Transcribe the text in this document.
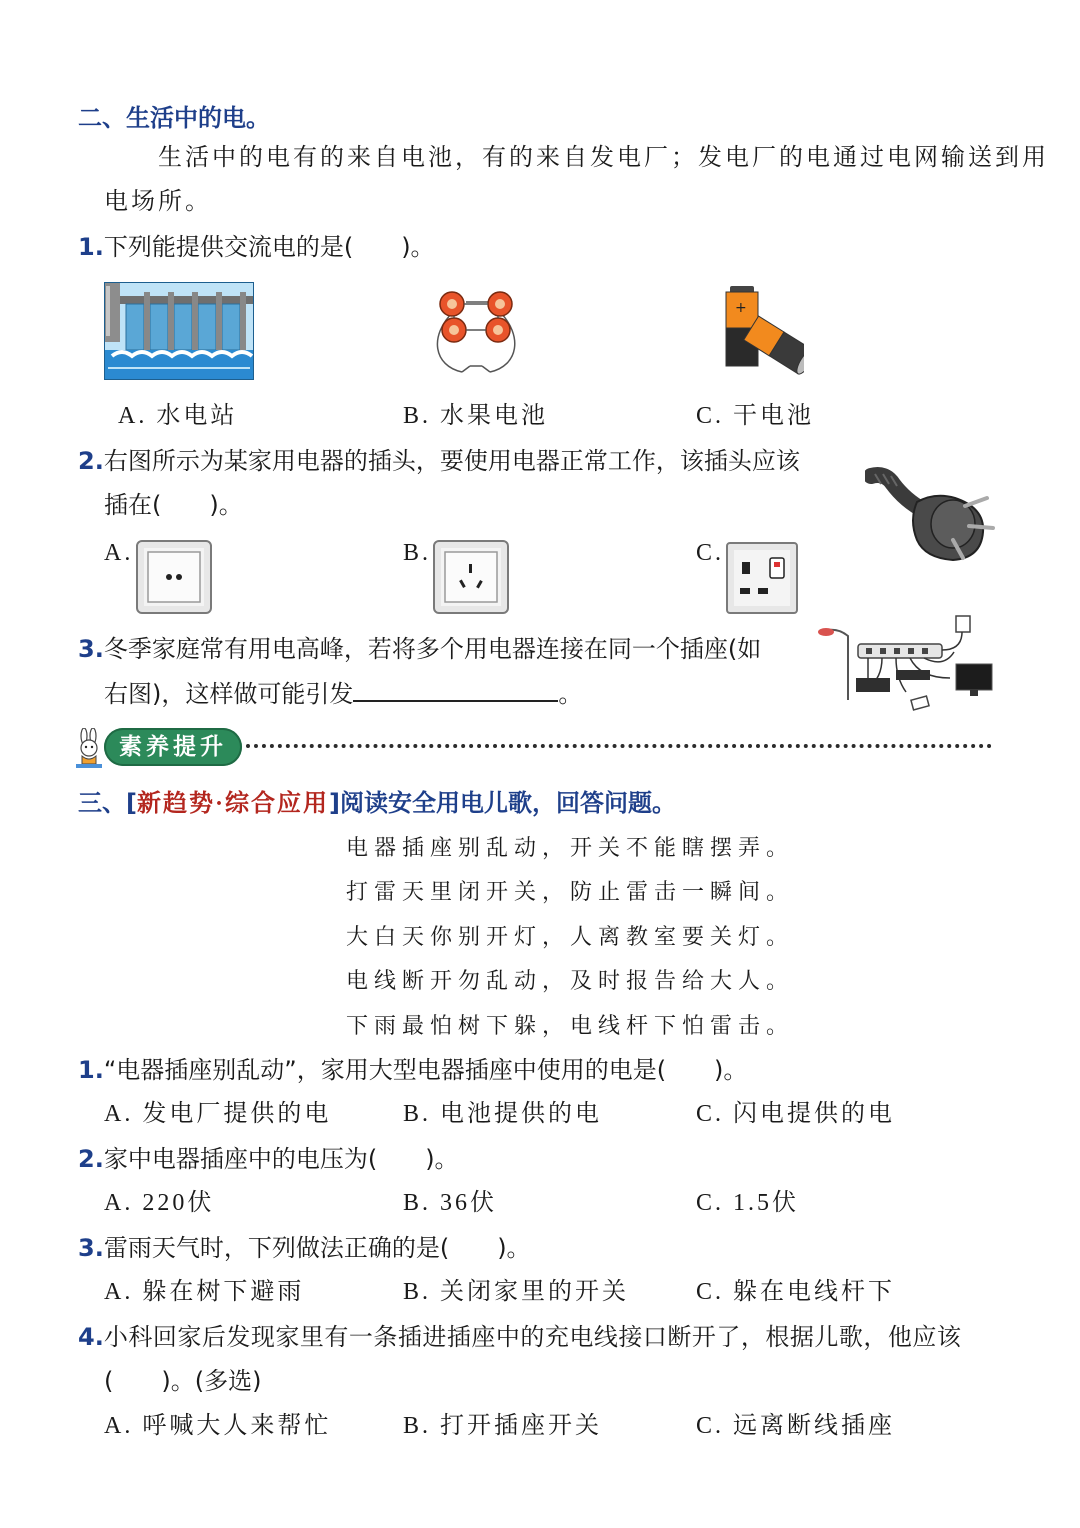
二、生活中的电。
生活中的电有的来自电池，有的来自发电厂；发电厂的电通过电网输送到用
电场所。
1.下列能提供交流电的是(　　)。
+
A. 水电站	B. 水果电池	C. 干电池
2.右图所示为某家用电器的插头，要使用电器正常工作，该插头应该
插在(　　)。
A.	B.	C.
3.冬季家庭常有用电高峰，若将多个用电器连接在同一个插座(如
右图)，这样做可能引发	。
素养提升
三、[新趋势·综合应用]阅读安全用电儿歌，回答问题。
电器插座别乱动，开关不能瞎摆弄。
打雷天里闭开关，防止雷击一瞬间。
大白天你别开灯，人离教室要关灯。
电线断开勿乱动，及时报告给大人。
下雨最怕树下躲，电线杆下怕雷击。
1.“电器插座别乱动”，家用大型电器插座中使用的电是(　　)。
A. 发电厂提供的电	B. 电池提供的电	C. 闪电提供的电
2.家中电器插座中的电压为(　　)。
A. 220伏	B. 36伏	C. 1.5伏
3.雷雨天气时，下列做法正确的是(　　)。
A. 躲在树下避雨	B. 关闭家里的开关	C. 躲在电线杆下
4.小科回家后发现家里有一条插进插座中的充电线接口断开了，根据儿歌，他应该
(　　)。(多选)
A. 呼喊大人来帮忙	B. 打开插座开关	C. 远离断线插座
